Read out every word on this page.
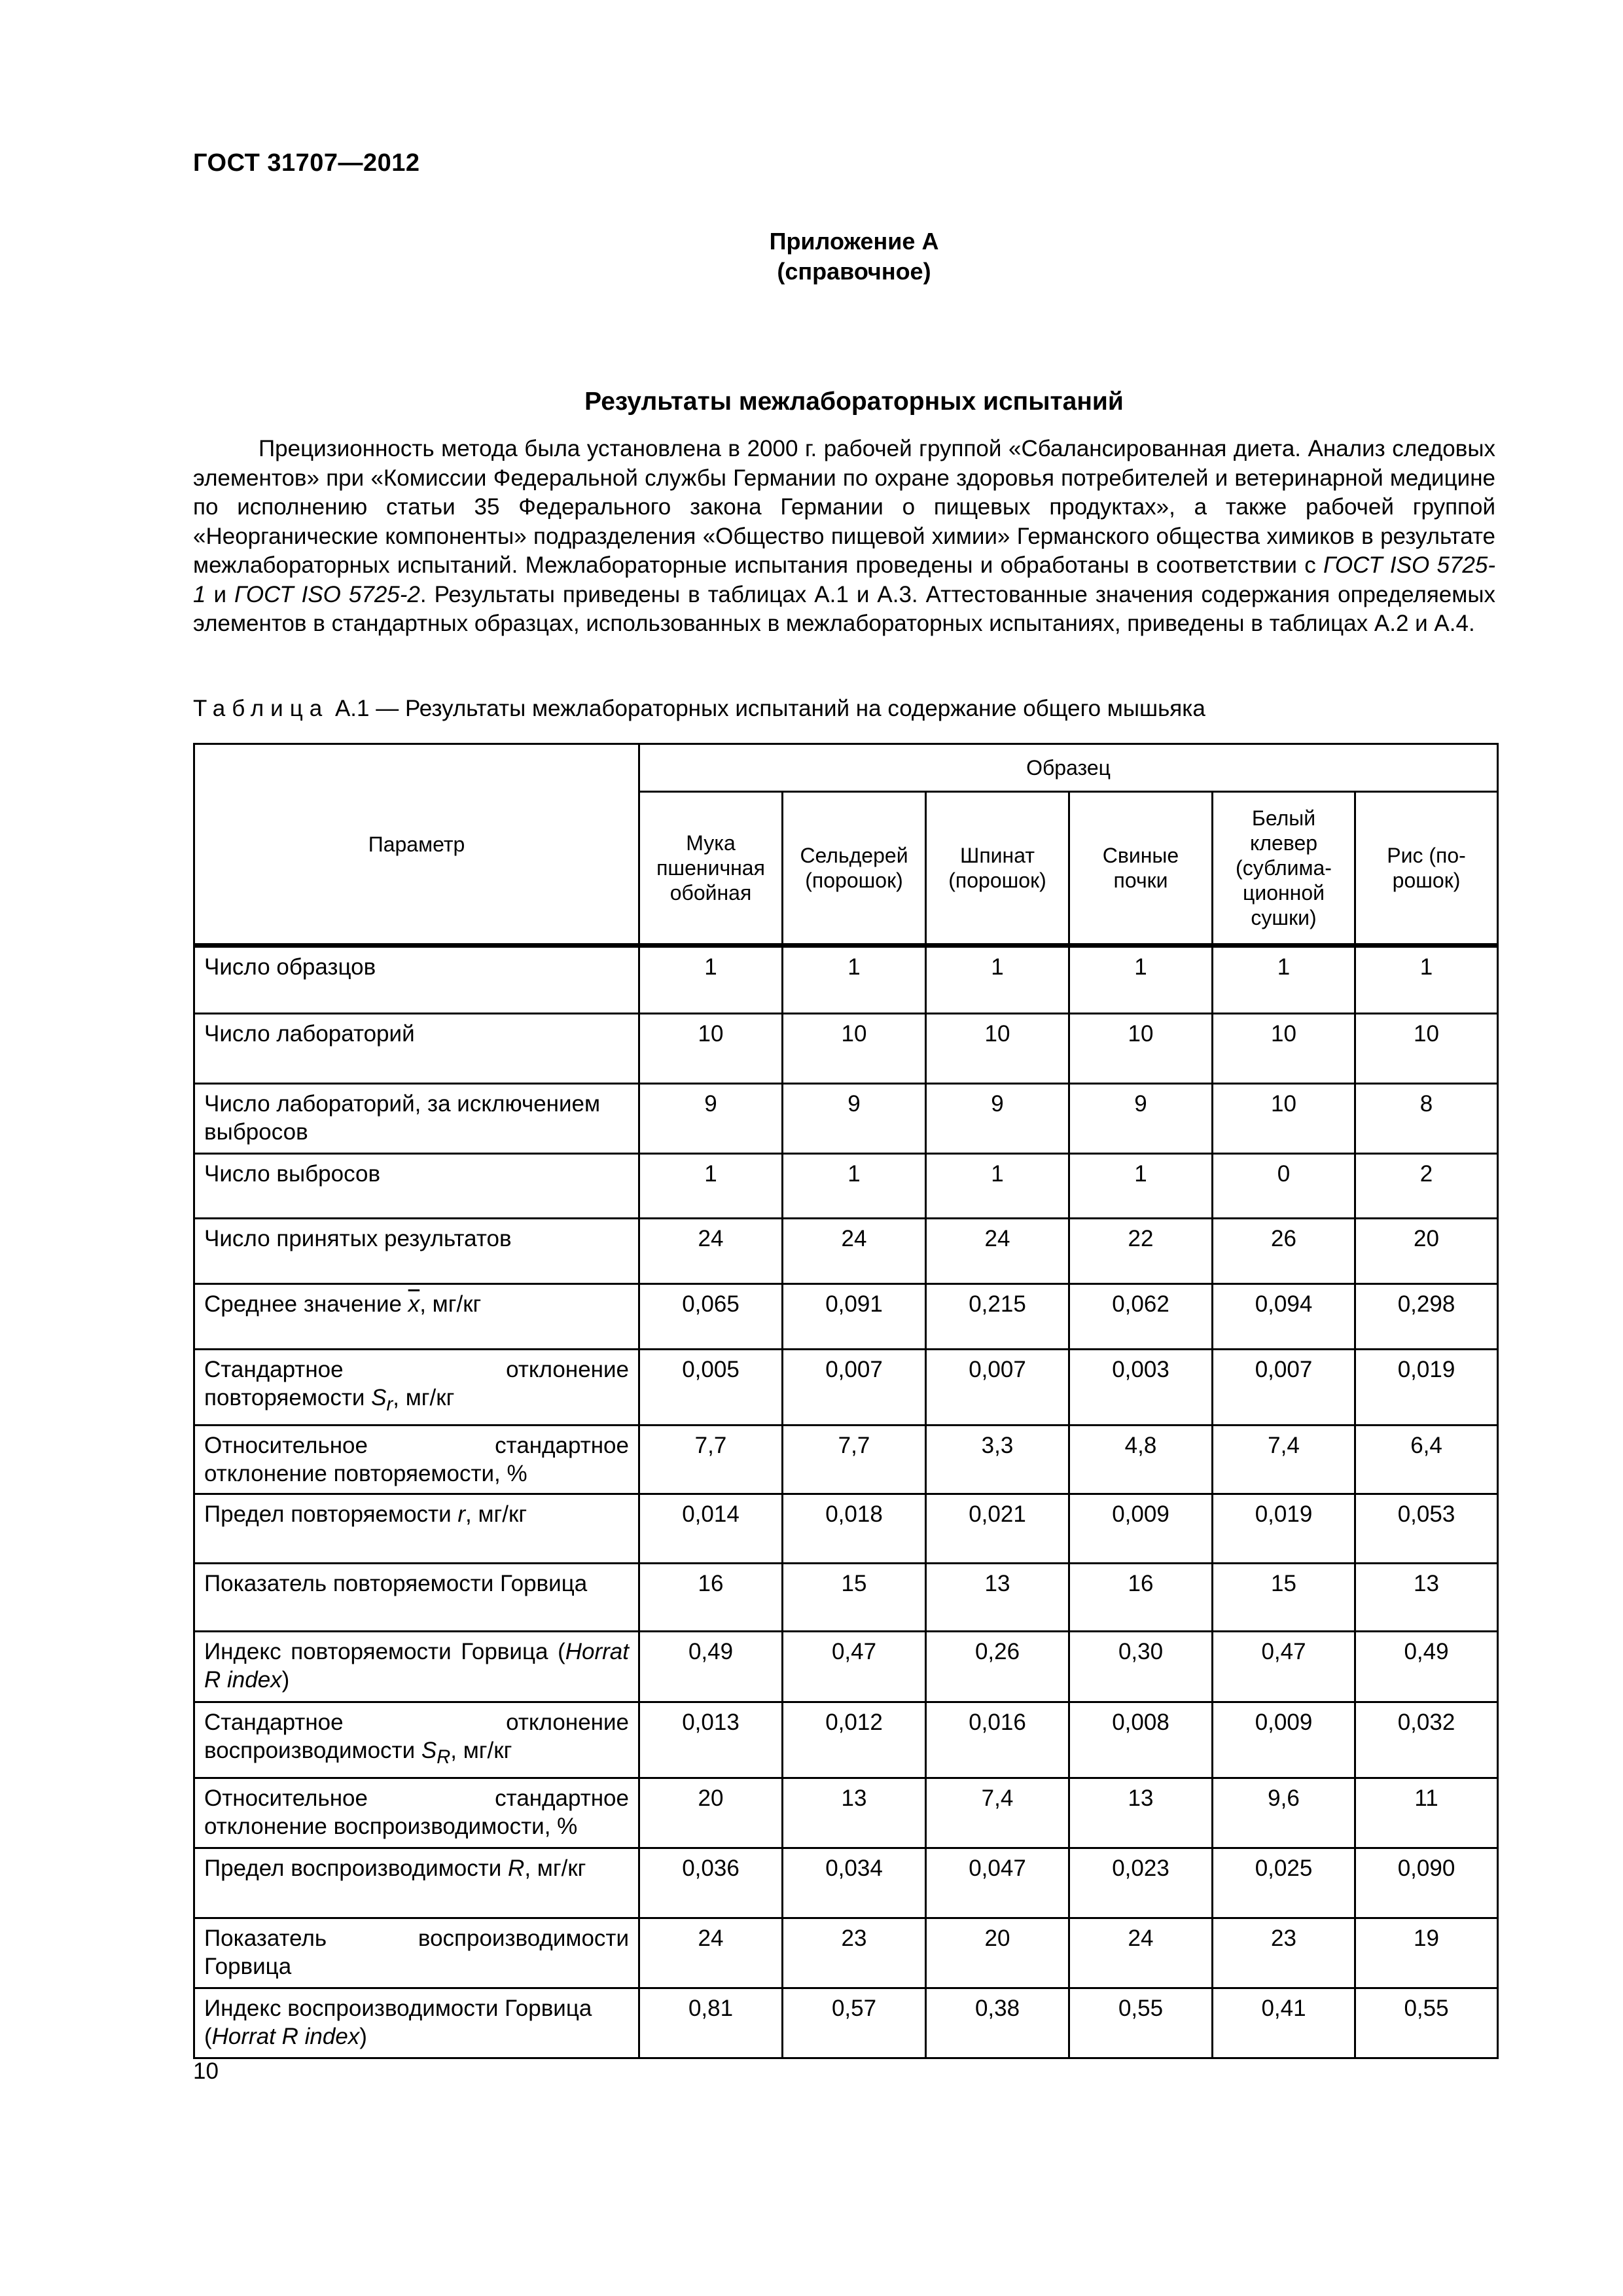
ГОСТ 31707—2012
Приложение А
(справочное)
Результаты межлабораторных испытаний

Прецизионность метода была установлена в 2000 г. рабочей группой «Сбалансированная диета. Анализ следовых элементов» при «Комиссии Федеральной службы Германии по охране здоровья потребителей и ветеринарной медицине по исполнению статьи 35 Федерального закона Германии о пищевых продуктах», а также рабочей группой «Неорганические компоненты» подразделения «Общество пищевой химии» Германского общества химиков в результате межлабораторных испытаний. Межлабораторные испытания проведены и обработаны в соответствии с ГОСТ ISO 5725-1 и ГОСТ ISO 5725-2. Результаты приведены в таблицах А.1 и А.3. Аттестованные значения содержания определяемых элементов в стандартных образцах, использованных в межлабораторных испытаниях, приведены в таблицах А.2 и А.4.

Таблица А.1 — Результаты межлабораторных испытаний на содержание общего мышьяка
Параметр	Образец					
	Мука пшеничная обойная	Сельдерей (порошок)	Шпинат (порошок)	Свиные почки	Белый клевер (сублима-ционной сушки)	Рис (по-рошок)
Число образцов	1	1	1	1	1	1
Число лабораторий	10	10	10	10	10	10
Число лабораторий, за исключением выбросов	9	9	9	9	10	8
Число выбросов	1	1	1	1	0	2
Число принятых результатов	24	24	24	22	26	20
Среднее значение $\overline{x}$, мг/кг	0,065	0,091	0,215	0,062	0,094	0,298
Стандартное отклонение повторяемости $S_r$, мг/кг	0,005	0,007	0,007	0,003	0,007	0,019
Относительное стандартное отклонение повторяемости, %	7,7	7,7	3,3	4,8	7,4	6,4
Предел повторяемости r, мг/кг	0,014	0,018	0,021	0,009	0,019	0,053
Показатель повторяемости Горвица	16	15	13	16	15	13
Индекс повторяемости Горвица (Horrat R index)	0,49	0,47	0,26	0,30	0,47	0,49
Стандартное отклонение воспроизводимости $S_R$, мг/кг	0,013	0,012	0,016	0,008	0,009	0,032
Относительное стандартное отклонение воспроизводимости, %	20	13	7,4	13	9,6	11
Предел воспроизводимости R, мг/кг	0,036	0,034	0,047	0,023	0,025	0,090
Показатель воспроизводимости Горвица	24	23	20	24	23	19
Индекс воспроизводимости Горвица (Horrat R index)	0,81	0,57	0,38	0,55	0,41	0,55
10
